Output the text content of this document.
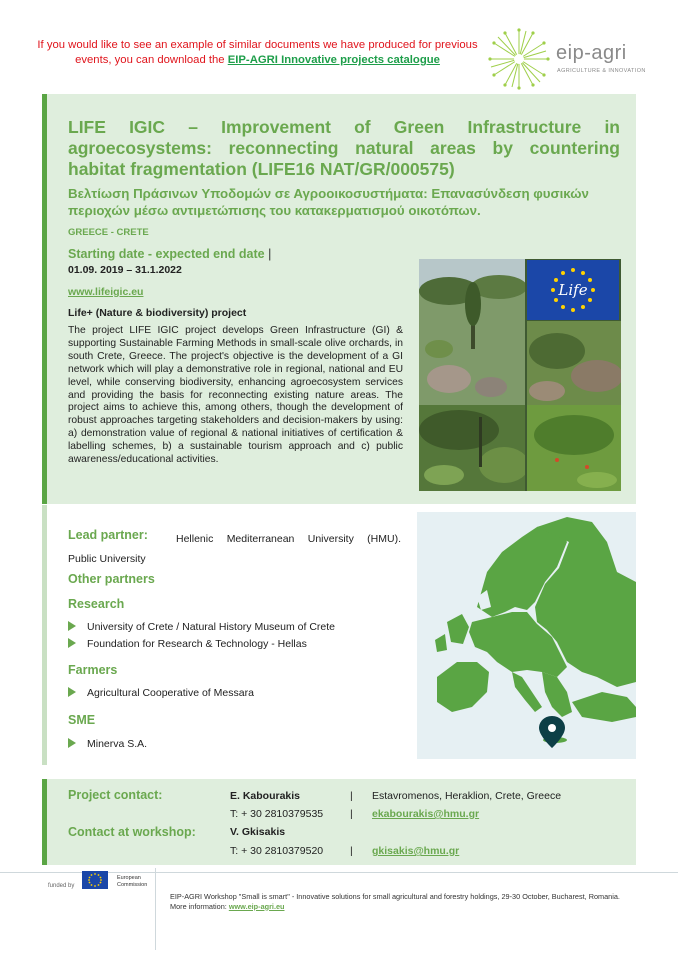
If you would like to see an example of similar documents we have produced for previous events, you can download the EIP-AGRI Innovative projects catalogue	eip-agri
AGRICULTURE & INNOVATION
LIFE IGIC – Improvement of Green Infrastructure in agroecosystems: reconnecting natural areas by countering habitat fragmentation (LIFE16 NAT/GR/000575)
Βελτίωση Πράσινων Υποδομών σε Αγροοικοσυστήματα: Επανασύνδεση φυσικών περιοχών μέσω αντιμετώπισης του κατακερματισμού οικοτόπων.
GREECE - CRETE
Starting date - expected end date |
01.09. 2019 – 31.1.2022
www.lifeigic.eu
Life+ (Nature & biodiversity) project

The project LIFE IGIC project develops Green Infrastructure (GI) & supporting Sustainable Farming Methods in small-scale olive orchards, in south Crete, Greece. The project's objective is the development of a GI network which will play a demonstrative role in regional, national and EU level, while conserving biodiversity, enhancing agroecosystem services and providing the basis for reconnecting existing nature areas. The project aims to achieve this, among others, though the development of robust approaches targeting stakeholders and decision-makers by using: a) demonstration value of regional & national initiatives of certification & labelling schemes, b) a sustainable tourism approach and c) public awareness/educational activities.

Life
Hellenic Mediterranean University (HMU). Public University
Lead partner:
Other partners
Research
University of Crete / Natural History Museum of Crete
Foundation for Research & Technology - Hellas
Farmers
Agricultural Cooperative of Messara
SME
Minerva S.A.
Project contact:	E. Kabourakis	| Estavromenos, Heraklion, Crete, Greece
T: + 30 2810379535	| ekabourakis@hmu.gr
Contact at workshop:	V. Gkisakis
T: + 30 2810379520	| gkisakis@hmu.gr
funded by
European
Commission
EIP-AGRI Workshop "Small is smart" - Innovative solutions for small agricultural and forestry holdings, 29-30 October, Bucharest, Romania.
More information: www.eip-agri.eu
